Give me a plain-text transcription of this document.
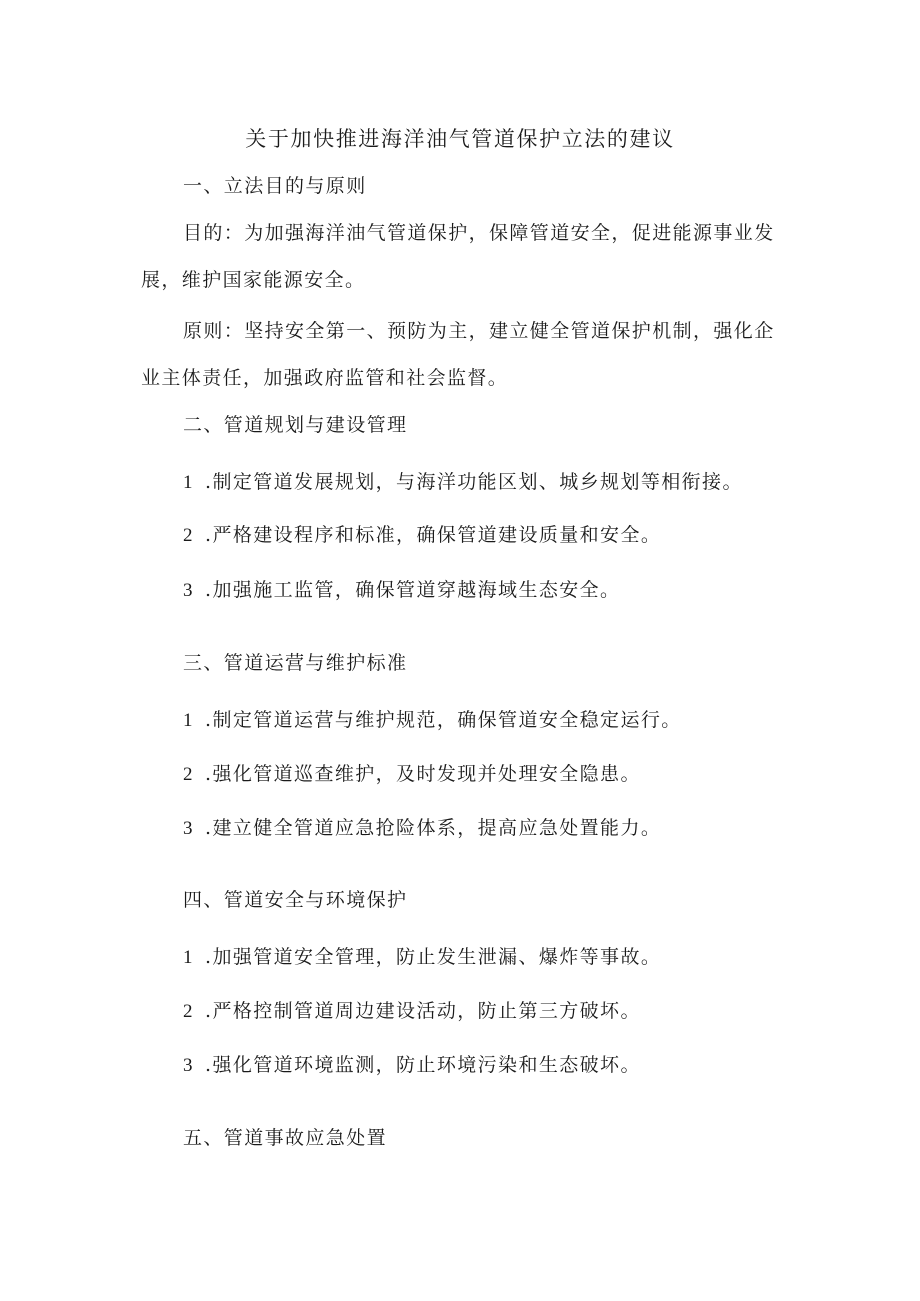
关于加快推进海洋油气管道保护立法的建议
一、立法目的与原则
目的：为加强海洋油气管道保护，保障管道安全，促进能源事业发
展，维护国家能源安全。
原则：坚持安全第一、预防为主，建立健全管道保护机制，强化企
业主体责任，加强政府监管和社会监督。
二、管道规划与建设管理
1 .制定管道发展规划，与海洋功能区划、城乡规划等相衔接。
2 .严格建设程序和标准，确保管道建设质量和安全。
3 .加强施工监管，确保管道穿越海域生态安全。
三、管道运营与维护标准
1 .制定管道运营与维护规范，确保管道安全稳定运行。
2 .强化管道巡查维护，及时发现并处理安全隐患。
3 .建立健全管道应急抢险体系，提高应急处置能力。
四、管道安全与环境保护
1 .加强管道安全管理，防止发生泄漏、爆炸等事故。
2 .严格控制管道周边建设活动，防止第三方破坏。
3 .强化管道环境监测，防止环境污染和生态破坏。
五、管道事故应急处置
